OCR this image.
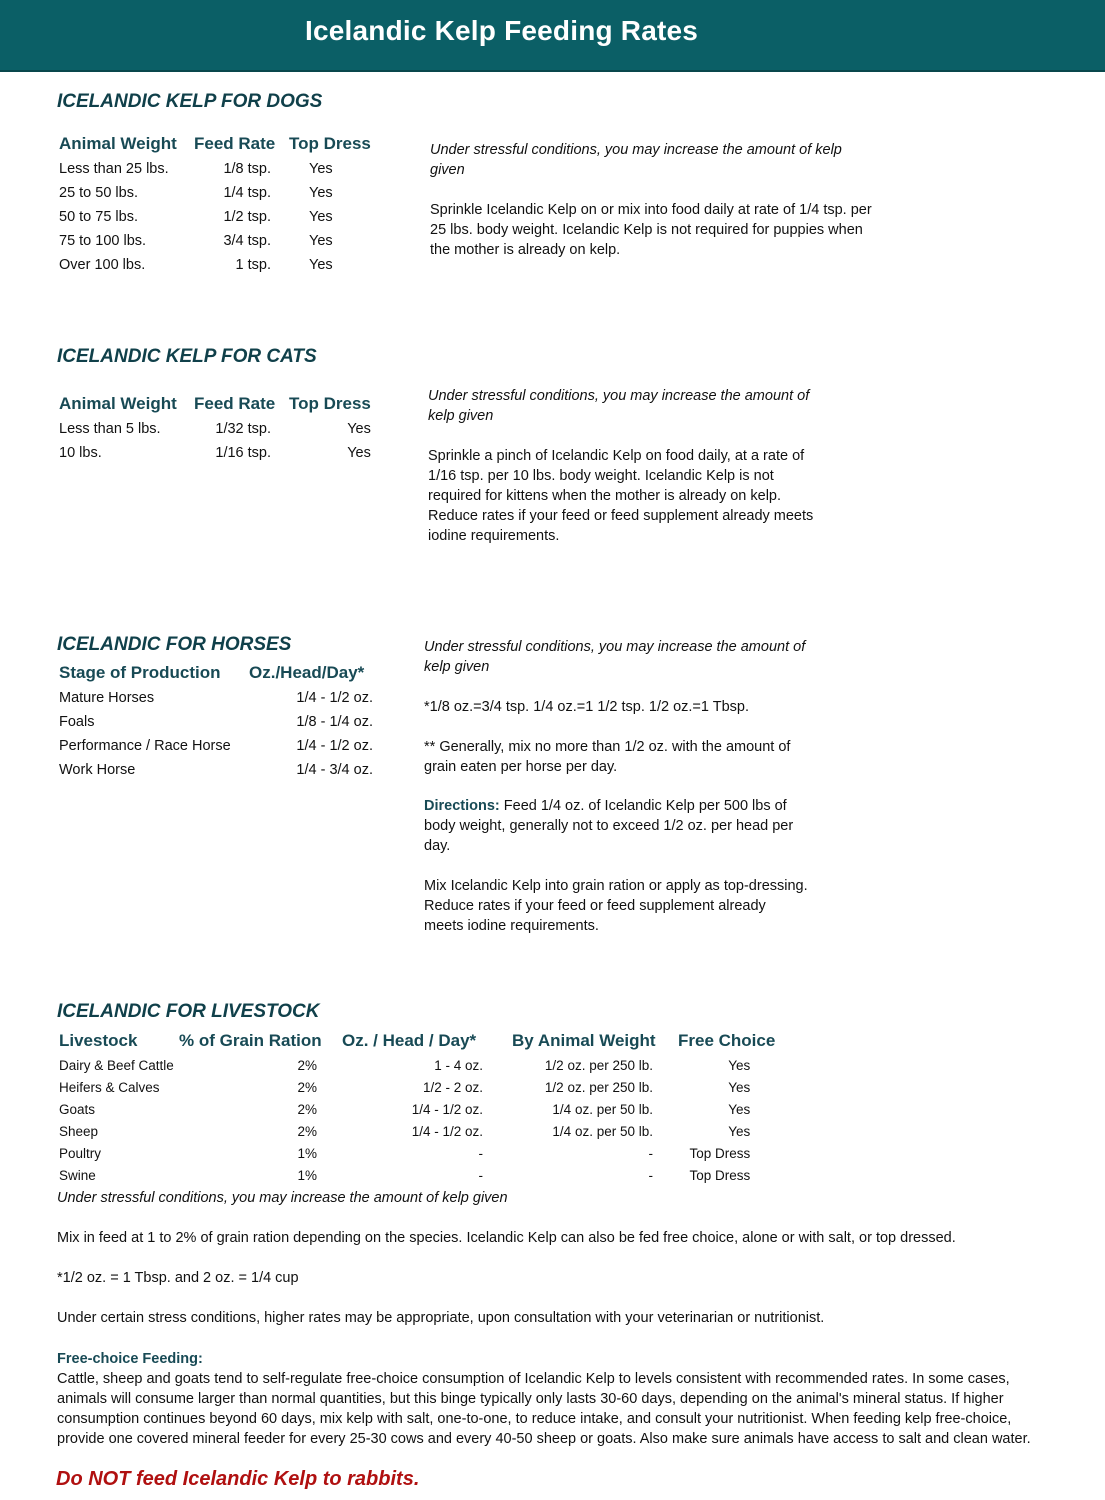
Icelandic Kelp Feeding Rates
ICELANDIC KELP FOR DOGS
Animal Weight	Feed Rate	Top Dress
Less than 25 lbs.	1/8 tsp.	Yes
25 to 50 lbs.	1/4 tsp.	Yes
50 to 75 lbs.	1/2 tsp.	Yes
75 to 100 lbs.	3/4 tsp.	Yes
Over 100 lbs.	1 tsp.	Yes

Under stressful conditions, you may increase the amount of kelp given

Sprinkle Icelandic Kelp on or mix into food daily at rate of 1/4 tsp. per 25 lbs. body weight. Icelandic Kelp is not required for puppies when the mother is already on kelp.

ICELANDIC KELP FOR CATS
Animal Weight	Feed Rate	Top Dress
Less than 5 lbs.	1/32 tsp.	Yes
10 lbs.	1/16 tsp.	Yes

Under stressful conditions, you may increase the amount of kelp given

Sprinkle a pinch of Icelandic Kelp on food daily, at a rate of 1/16 tsp. per 10 lbs. body weight. Icelandic Kelp is not required for kittens when the mother is already on kelp. Reduce rates if your feed or feed supplement already meets iodine requirements.

ICELANDIC FOR HORSES
Stage of Production	Oz./Head/Day*
Mature Horses	1/4 - 1/2 oz.
Foals	1/8 - 1/4 oz.
Performance / Race Horse	1/4 - 1/2 oz.
Work Horse	1/4 - 3/4 oz.

Under stressful conditions, you may increase the amount of kelp given

*1/8 oz.=3/4 tsp. 1/4 oz.=1 1/2 tsp. 1/2 oz.=1 Tbsp.

** Generally, mix no more than 1/2 oz. with the amount of grain eaten per horse per day.

Directions: Feed 1/4 oz. of Icelandic Kelp per 500 lbs of body weight, generally not to exceed 1/2 oz. per head per day.

Mix Icelandic Kelp into grain ration or apply as top-dressing. Reduce rates if your feed or feed supplement already meets iodine requirements.

ICELANDIC FOR LIVESTOCK
Livestock	% of Grain Ration	Oz. / Head / Day*	By Animal Weight	Free Choice
Dairy & Beef Cattle	2%	1 - 4 oz.	1/2 oz. per 250 lb.	Yes
Heifers & Calves	2%	1/2 - 2 oz.	1/2 oz. per 250 lb.	Yes
Goats	2%	1/4 - 1/2 oz.	1/4 oz. per 50 lb.	Yes
Sheep	2%	1/4 - 1/2 oz.	1/4 oz. per 50 lb.	Yes
Poultry	1%	-	-	Top Dress
Swine	1%	-	-	Top Dress

Under stressful conditions, you may increase the amount of kelp given

Mix in feed at 1 to 2% of grain ration depending on the species. Icelandic Kelp can also be fed free choice, alone or with salt, or top dressed.

*1/2 oz. = 1 Tbsp. and 2 oz. = 1/4 cup

Under certain stress conditions, higher rates may be appropriate, upon consultation with your veterinarian or nutritionist.

Free-choice Feeding:

Cattle, sheep and goats tend to self-regulate free-choice consumption of Icelandic Kelp to levels consistent with recommended rates. In some cases, animals will consume larger than normal quantities, but this binge typically only lasts 30-60 days, depending on the animal's mineral status. If higher consumption continues beyond 60 days, mix kelp with salt, one-to-one, to reduce intake, and consult your nutritionist. When feeding kelp free-choice, provide one covered mineral feeder for every 25-30 cows and every 40-50 sheep or goats. Also make sure animals have access to salt and clean water.

Do NOT feed Icelandic Kelp to rabbits.
